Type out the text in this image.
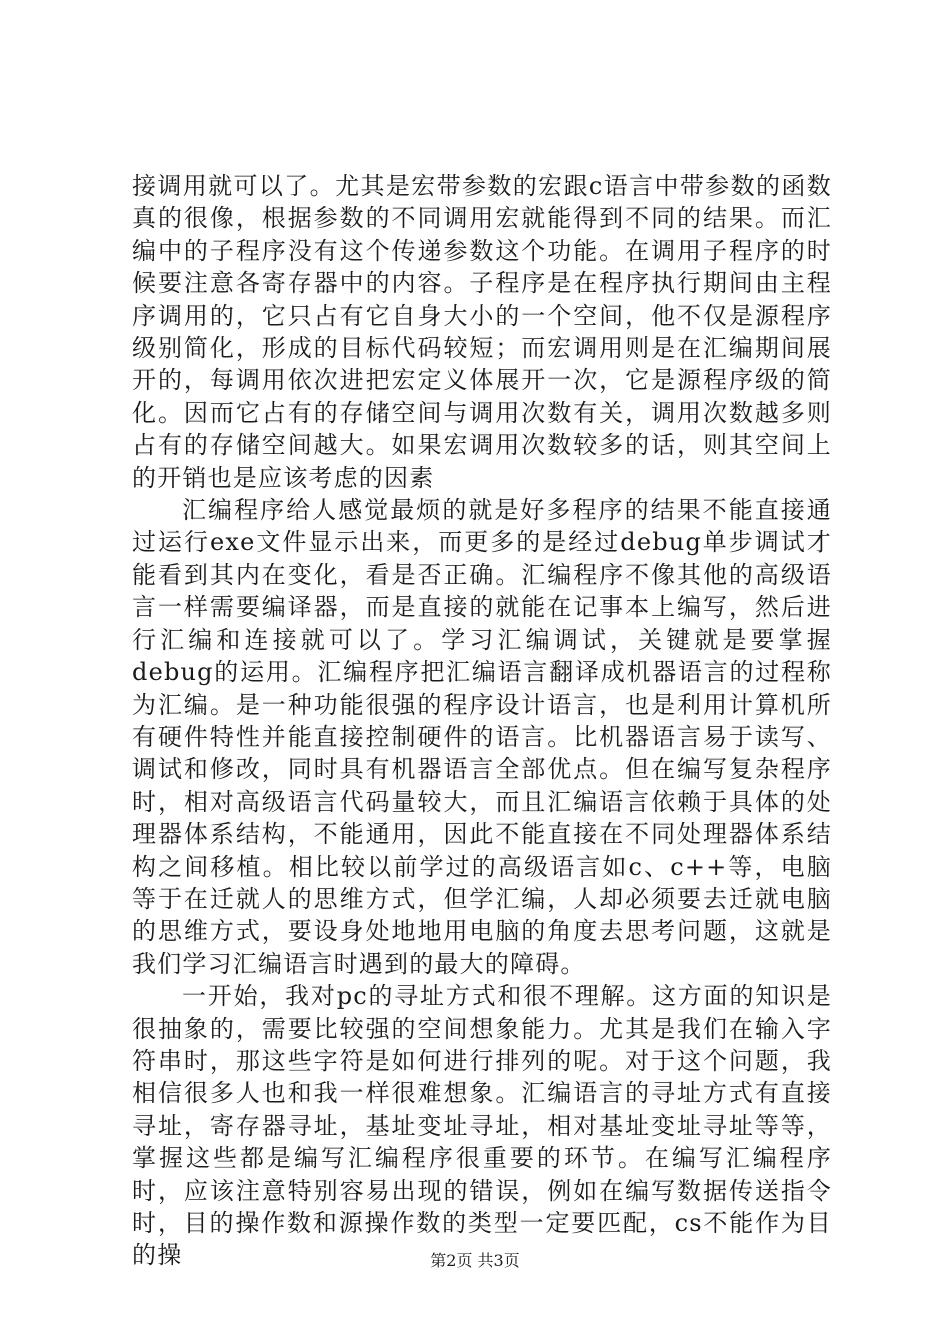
接调用就可以了。尤其是宏带参数的宏跟c语言中带参数的函数真的很像，根据参数的不同调用宏就能得到不同的结果。而汇编中的子程序没有这个传递参数这个功能。在调用子程序的时候要注意各寄存器中的内容。子程序是在程序执行期间由主程序调用的，它只占有它自身大小的一个空间，他不仅是源程序级别简化，形成的目标代码较短；而宏调用则是在汇编期间展开的，每调用依次进把宏定义体展开一次，它是源程序级的简化。因而它占有的存储空间与调用次数有关，调用次数越多则占有的存储空间越大。如果宏调用次数较多的话，则其空间上的开销也是应该考虑的因素

汇编程序给人感觉最烦的就是好多程序的结果不能直接通过运行exe文件显示出来，而更多的是经过debug单步调试才能看到其内在变化，看是否正确。汇编程序不像其他的高级语言一样需要编译器，而是直接的就能在记事本上编写，然后进行汇编和连接就可以了。学习汇编调试，关键就是要掌握debug的运用。汇编程序把汇编语言翻译成机器语言的过程称为汇编。是一种功能很强的程序设计语言，也是利用计算机所有硬件特性并能直接控制硬件的语言。比机器语言易于读写、调试和修改，同时具有机器语言全部优点。但在编写复杂程序时，相对高级语言代码量较大，而且汇编语言依赖于具体的处理器体系结构，不能通用，因此不能直接在不同处理器体系结构之间移植。相比较以前学过的高级语言如c、c++等，电脑等于在迁就人的思维方式，但学汇编，人却必须要去迁就电脑的思维方式，要设身处地地用电脑的角度去思考问题，这就是我们学习汇编语言时遇到的最大的障碍。

一开始，我对pc的寻址方式和很不理解。这方面的知识是很抽象的，需要比较强的空间想象能力。尤其是我们在输入字符串时，那这些字符是如何进行排列的呢。对于这个问题，我相信很多人也和我一样很难想象。汇编语言的寻址方式有直接寻址，寄存器寻址，基址变址寻址，相对基址变址寻址等等，掌握这些都是编写汇编程序很重要的环节。在编写汇编程序时，应该注意特别容易出现的错误，例如在编写数据传送指令时，目的操作数和源操作数的类型一定要匹配，cs不能作为目的操	第2页 共3页
